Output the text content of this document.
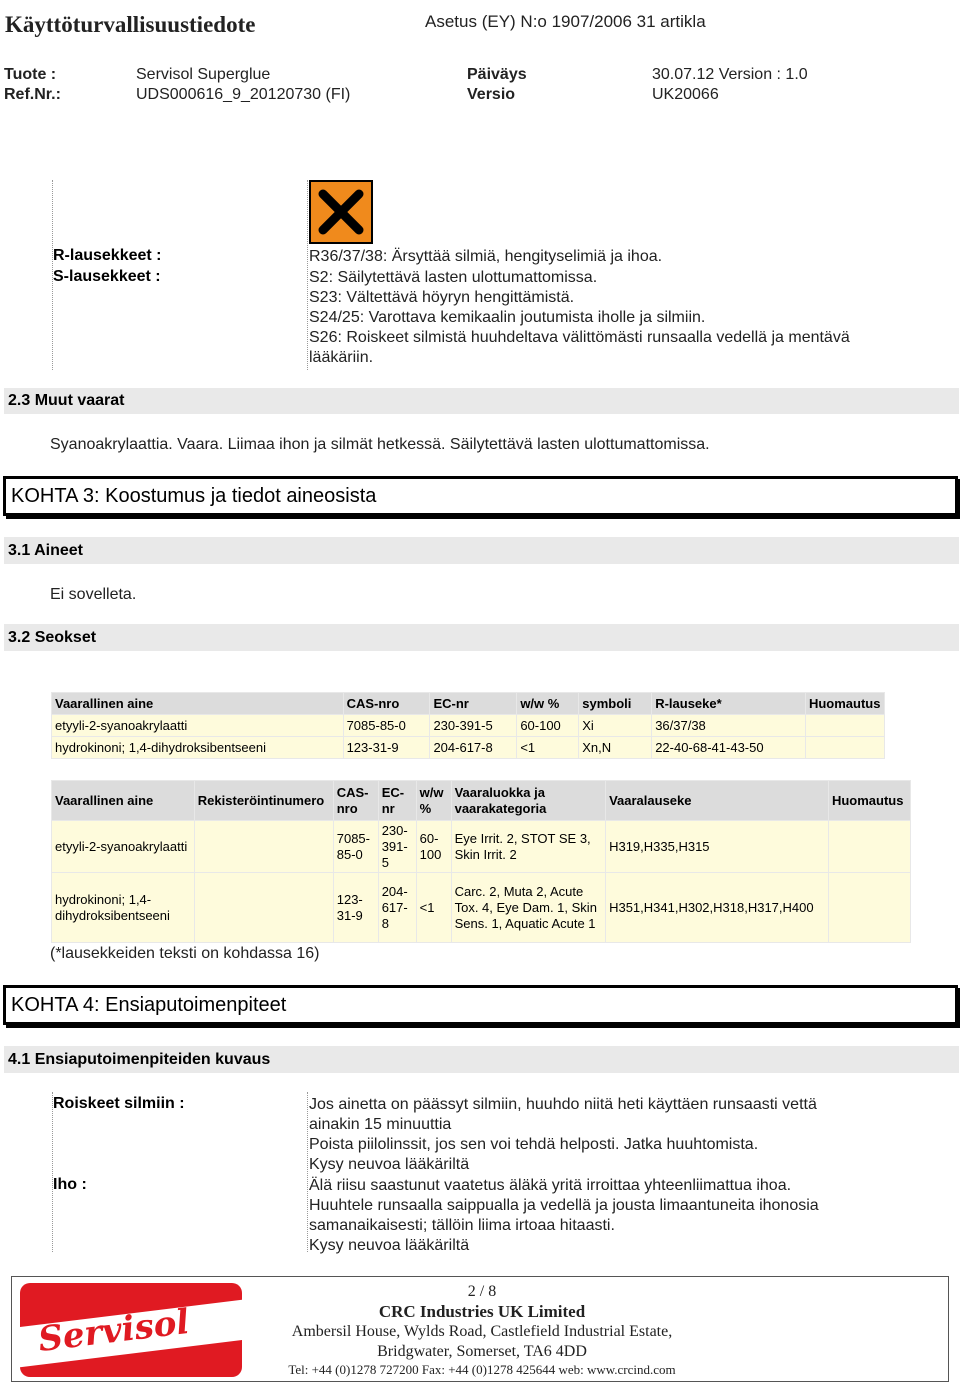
Käyttöturvallisuustiedote	Asetus (EY) N:o 1907/2006 31 artikla
Tuote :	Servisol Superglue	Päiväys	30.07.12 Version : 1.0
Ref.Nr.:	UDS000616_9_20120730 (FI)	Versio	UK20066
R-lausekkeet :
S-lausekkeet :
R36/37/38: Ärsyttää silmiä, hengityselimiä ja ihoa.
S2: Säilytettävä lasten ulottumattomissa.
S23: Vältettävä höyryn hengittämistä.
S24/25: Varottava kemikaalin joutumista iholle ja silmiin.
S26: Roiskeet silmistä huuhdeltava välittömästi runsaalla vedellä ja mentävä
lääkäriin.
2.3 Muut vaarat
Syanoakrylaattia. Vaara. Liimaa ihon ja silmät hetkessä. Säilytettävä lasten ulottumattomissa.
KOHTA 3: Koostumus ja tiedot aineosista
3.1 Aineet
Ei sovelleta.
3.2 Seokset
Vaarallinen aine	CAS-nro	EC-nr	w/w %	symboli	R-lauseke*	Huomautus
etyyli-2-syanoakrylaatti	7085-85-0	230-391-5	60-100	Xi	36/37/38	
hydrokinoni; 1,4-dihydroksibentseeni	123-31-9	204-617-8	<1	Xn,N	22-40-68-41-43-50	
Vaarallinen aine	Rekisteröintinumero	CAS-nro	EC-nr	w/w %	Vaaraluokka ja vaarakategoria	Vaaralauseke	Huomautus
etyyli-2-syanoakrylaatti		7085-85-0	230-391-5	60-100	Eye Irrit. 2, STOT SE 3, Skin Irrit. 2	H319,H335,H315	
hydrokinoni; 1,4-dihydroksibentseeni		123-31-9	204-617-8	<1	Carc. 2, Muta 2, Acute Tox. 4, Eye Dam. 1, Skin Sens. 1, Aquatic Acute 1	H351,H341,H302,H318,H317,H400	
(*lausekkeiden teksti on kohdassa 16)
KOHTA 4: Ensiaputoimenpiteet
4.1 Ensiaputoimenpiteiden kuvaus
Roiskeet silmiin :	Jos ainetta on päässyt silmiin, huuhdo niitä heti käyttäen runsaasti vettä
ainakin 15 minuuttia
Poista piilolinssit, jos sen voi tehdä helposti. Jatka huuhtomista.
Kysy neuvoa lääkäriltä
Iho :	Älä riisu saastunut vaatetus äläkä yritä irroittaa yhteenliimattua ihoa.
Huuhtele runsaalla saippualla ja vedellä ja jousta limaantuneita ihonosia
samanaikaisesti; tällöin liima irtoaa hitaasti.
Kysy neuvoa lääkäriltä
Servisol
2 / 8
CRC Industries UK Limited
Ambersil House, Wylds Road, Castlefield Industrial Estate,
Bridgwater, Somerset, TA6 4DD
Tel: +44 (0)1278 727200 Fax: +44 (0)1278 425644 web: www.crcind.com
